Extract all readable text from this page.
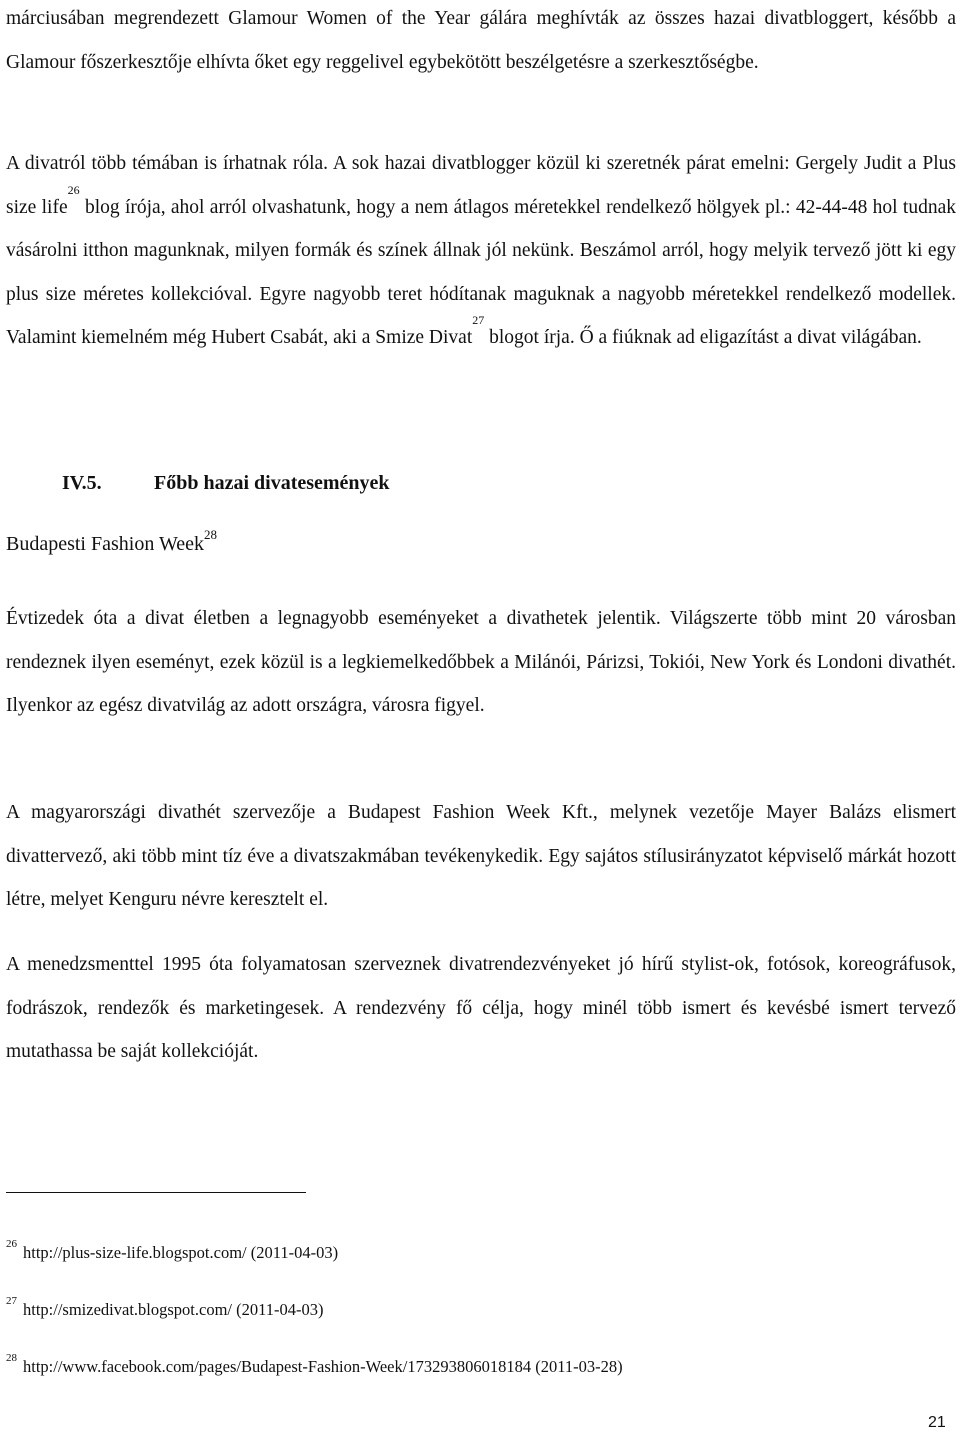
márciusában megrendezett Glamour Women of the Year gálára meghívták az összes hazai divatbloggert, később a Glamour főszerkesztője elhívta őket egy reggelivel egybekötött beszélgetésre a szerkesztőségbe.

A divatról több témában is írhatnak róla. A sok hazai divatblogger közül ki szeretnék párat emelni: Gergely Judit a Plus size life$^{26}$ blog írója, ahol arról olvashatunk, hogy a nem átlagos méretekkel rendelkező hölgyek pl.: 42-44-48 hol tudnak vásárolni itthon magunknak, milyen formák és színek állnak jól nekünk. Beszámol arról, hogy melyik tervező jött ki egy plus size méretes kollekcióval. Egyre nagyobb teret hódítanak maguknak a nagyobb méretekkel rendelkező modellek. Valamint kiemelném még Hubert Csabát, aki a Smize Divat$^{27}$ blogot írja. Ő a fiúknak ad eligazítást a divat világában.

IV.5.	Főbb hazai divatesemények

Budapesti Fashion Week$^{28}$

Évtizedek óta a divat életben a legnagyobb eseményeket a divathetek jelentik. Világszerte több mint 20 városban rendeznek ilyen eseményt, ezek közül is a legkiemelkedőbbek a Milánói, Párizsi, Tokiói, New York és Londoni divathét. Ilyenkor az egész divatvilág az adott országra, városra figyel.

A magyarországi divathét szervezője a Budapest Fashion Week Kft., melynek vezetője Mayer Balázs elismert divattervező, aki több mint tíz éve a divatszakmában tevékenykedik. Egy sajátos stílusirányzatot képviselő márkát hozott létre, melyet Kenguru névre keresztelt el.

A menedzsmenttel 1995 óta folyamatosan szerveznek divatrendezvényeket jó hírű stylist-ok, fotósok, koreográfusok, fodrászok, rendezők és marketingesek. A rendezvény fő célja, hogy minél több ismert és kevésbé ismert tervező mutathassa be saját kollekcióját.

$^{26}$ http://plus-size-life.blogspot.com/ (2011-04-03)

$^{27}$ http://smizedivat.blogspot.com/ (2011-04-03)

$^{28}$ http://www.facebook.com/pages/Budapest-Fashion-Week/173293806018184 (2011-03-28)

21
